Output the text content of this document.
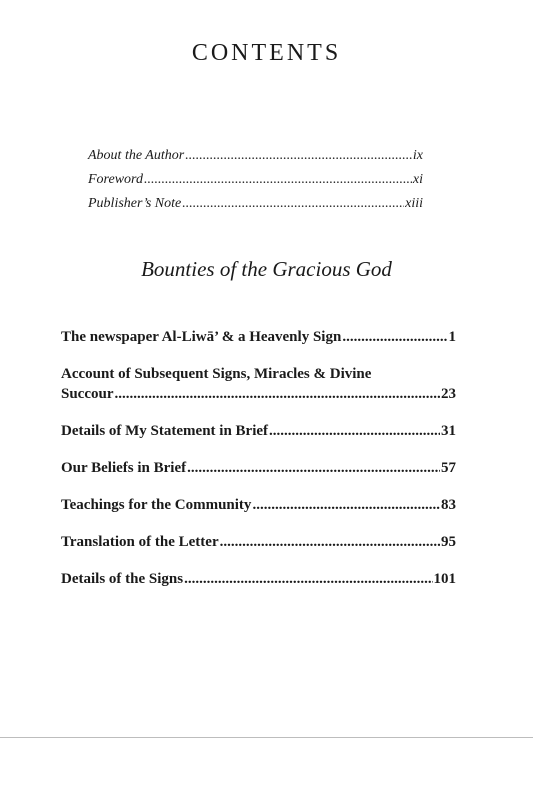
CONTENTS
About the Author .....	ix
Foreword .....	xi
Publisher’s Note .....	xiii
Bounties of the Gracious God
The newspaper Al-Liwā’ & a Heavenly Sign .....	1
Account of Subsequent Signs, Miracles & Divine
Succour .....	23
Details of My Statement in Brief .....	31
Our Beliefs in Brief .....	57
Teachings for the Community .....	83
Translation of the Letter .....	95
Details of the Signs .....	101
